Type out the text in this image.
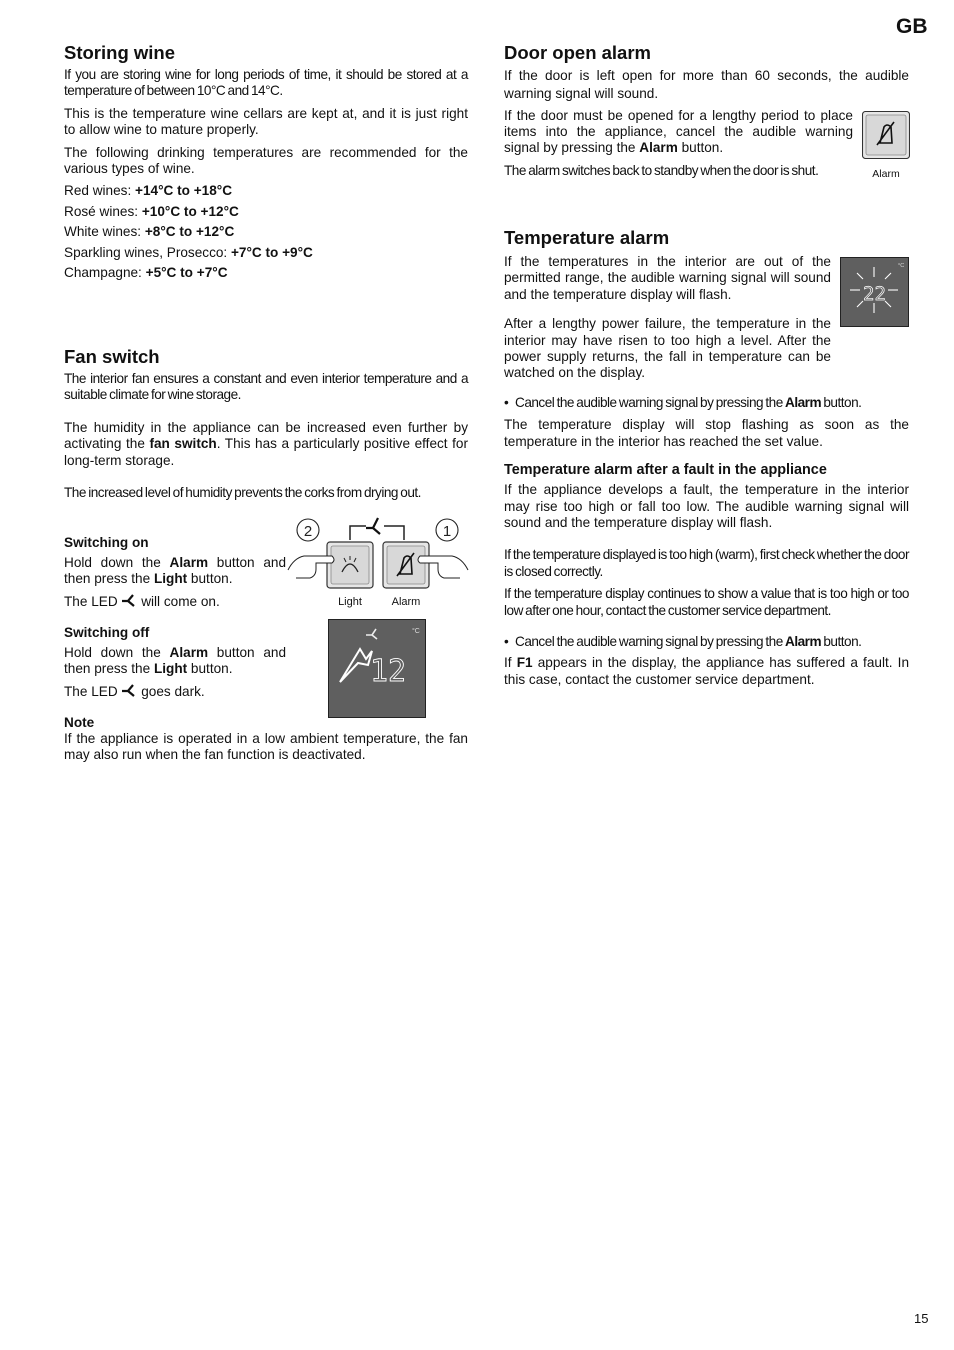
GB
Storing wine

If you are storing wine for long periods of time, it should be stored at a temperature of between 10°C and 14°C.

This is the temperature wine cellars are kept at, and it is just right to allow wine to mature properly.

The following drinking temperatures are recommended for the various types of wine.

Red wines: +14°C to +18°C
Rosé wines: +10°C to +12°C
White wines: +8°C to +12°C
Sparkling wines, Prosecco: +7°C to +9°C
Champagne: +5°C to +7°C
Fan switch

The interior fan ensures a constant and even interior temperature and a suitable climate for wine storage.

The humidity in the appliance can be increased even further by activating the fan switch. This has a particularly positive effect for long-term storage.

The increased level of humidity prevents the corks from drying out.

Switching on

Hold down the Alarm button and then press the Light button.

The LED  will come on.

Switching off

Hold down the Alarm button and then press the Light button.

The LED  goes dark.

Note

If the appliance is operated in a low ambient temperature, the fan may also run when the fan function is deactivated.

2	1
Light	Alarm
°C
12
Door open alarm

If the door is left open for more than 60 seconds, the audible warning signal will sound.

If the door must be opened for a lengthy period to place items into the appliance, cancel the audible warning signal by pressing the Alarm button.

The alarm switches back to standby when the door is shut.	Alarm
Temperature alarm

If the temperatures in the interior are out of the permitted range, the audible warning signal will sound and the temperature display will flash.

After a lengthy power failure, the temperature in the interior may have risen to too high a level. After the power supply returns, the fall in temperature can be watched on the display.

°C
22
• Cancel the audible warning signal by pressing the Alarm button.

The temperature display will stop flashing as soon as the temperature in the interior has reached the set value.

Temperature alarm after a fault in the appliance

If the appliance develops a fault, the temperature in the interior may rise too high or fall too low. The audible warning signal will sound and the temperature display will flash.

If the temperature displayed is too high (warm), first check whether the door is closed correctly.

If the temperature display continues to show a value that is too high or too low after one hour, contact the customer service department.

• Cancel the audible warning signal by pressing the Alarm button.

If F1 appears in the display, the appliance has suffered a fault. In this case, contact the customer service department.

15
